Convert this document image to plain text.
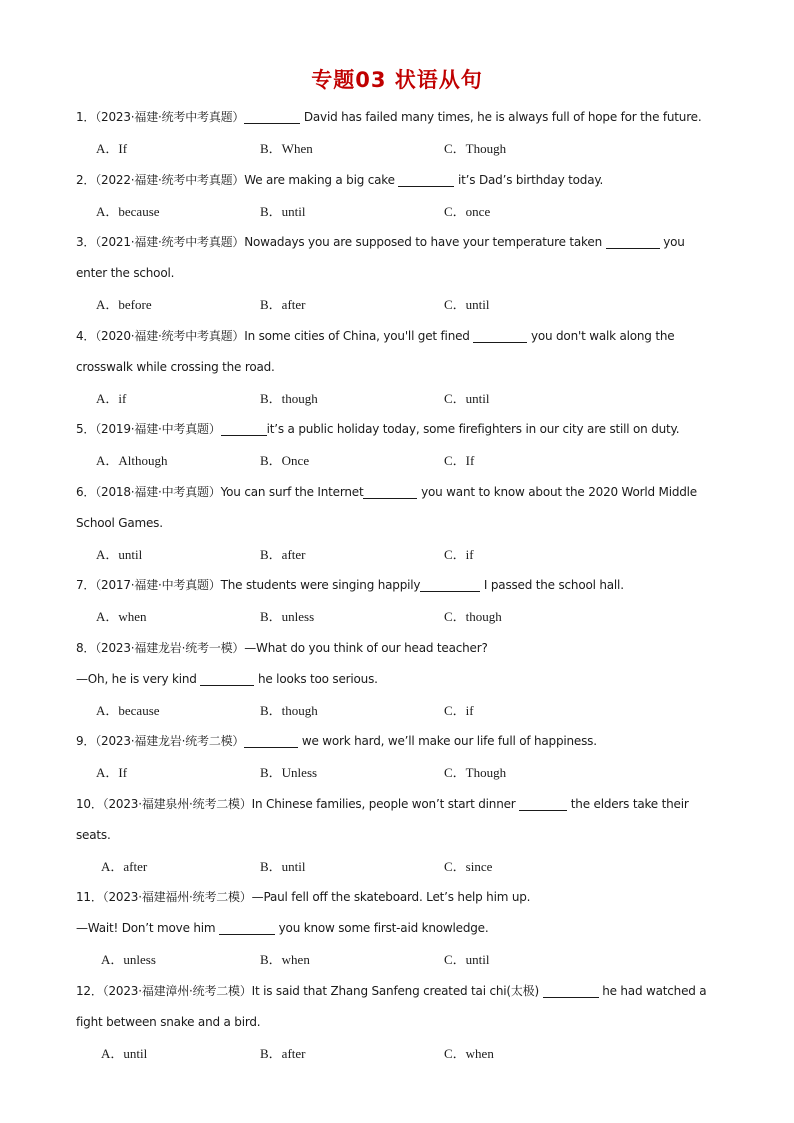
专题03 状语从句
1．（2023·福建·统考中考真题）	David has failed many times, he is always full of hope for the future.
A．If	B．When	C．Though
2．（2022·福建·统考中考真题）We are making a big cake	it’s Dad’s birthday today.
A．because	B．until	C．once
3．（2021·福建·统考中考真题）Nowadays you are supposed to have your temperature taken	you
enter the school.
A．before	B．after	C．until
4．（2020·福建·统考中考真题）In some cities of China, you'll get fined	you don't walk along the
crosswalk while crossing the road.
A．if	B．though	C．until
5．（2019·福建·中考真题）	it’s a public holiday today, some firefighters in our city are still on duty.
A．Although	B．Once	C．If
6．（2018·福建·中考真题）You can surf the Internet	you want to know about the 2020 World Middle
School Games.
A．until	B．after	C．if
7．（2017·福建·中考真题）The students were singing happily	I passed the school hall.
A．when	B．unless	C．though
8．（2023·福建龙岩·统考一模）—What do you think of our head teacher?
—Oh, he is very kind	he looks too serious.
A．because	B．though	C．if
9．（2023·福建龙岩·统考二模）	we work hard, we’ll make our life full of happiness.
A．If	B．Unless	C．Though
10．（2023·福建泉州·统考二模）In Chinese families, people won’t start dinner	the elders take their
seats.
A．after	B．until	C．since
11．（2023·福建福州·统考二模）—Paul fell off the skateboard. Let’s help him up.
—Wait! Don’t move him	you know some first-aid knowledge.
A．unless	B．when	C．until
12．（2023·福建漳州·统考二模）It is said that Zhang Sanfeng created tai chi(太极)	he had watched a
fight between snake and a bird.
A．until	B．after	C．when
